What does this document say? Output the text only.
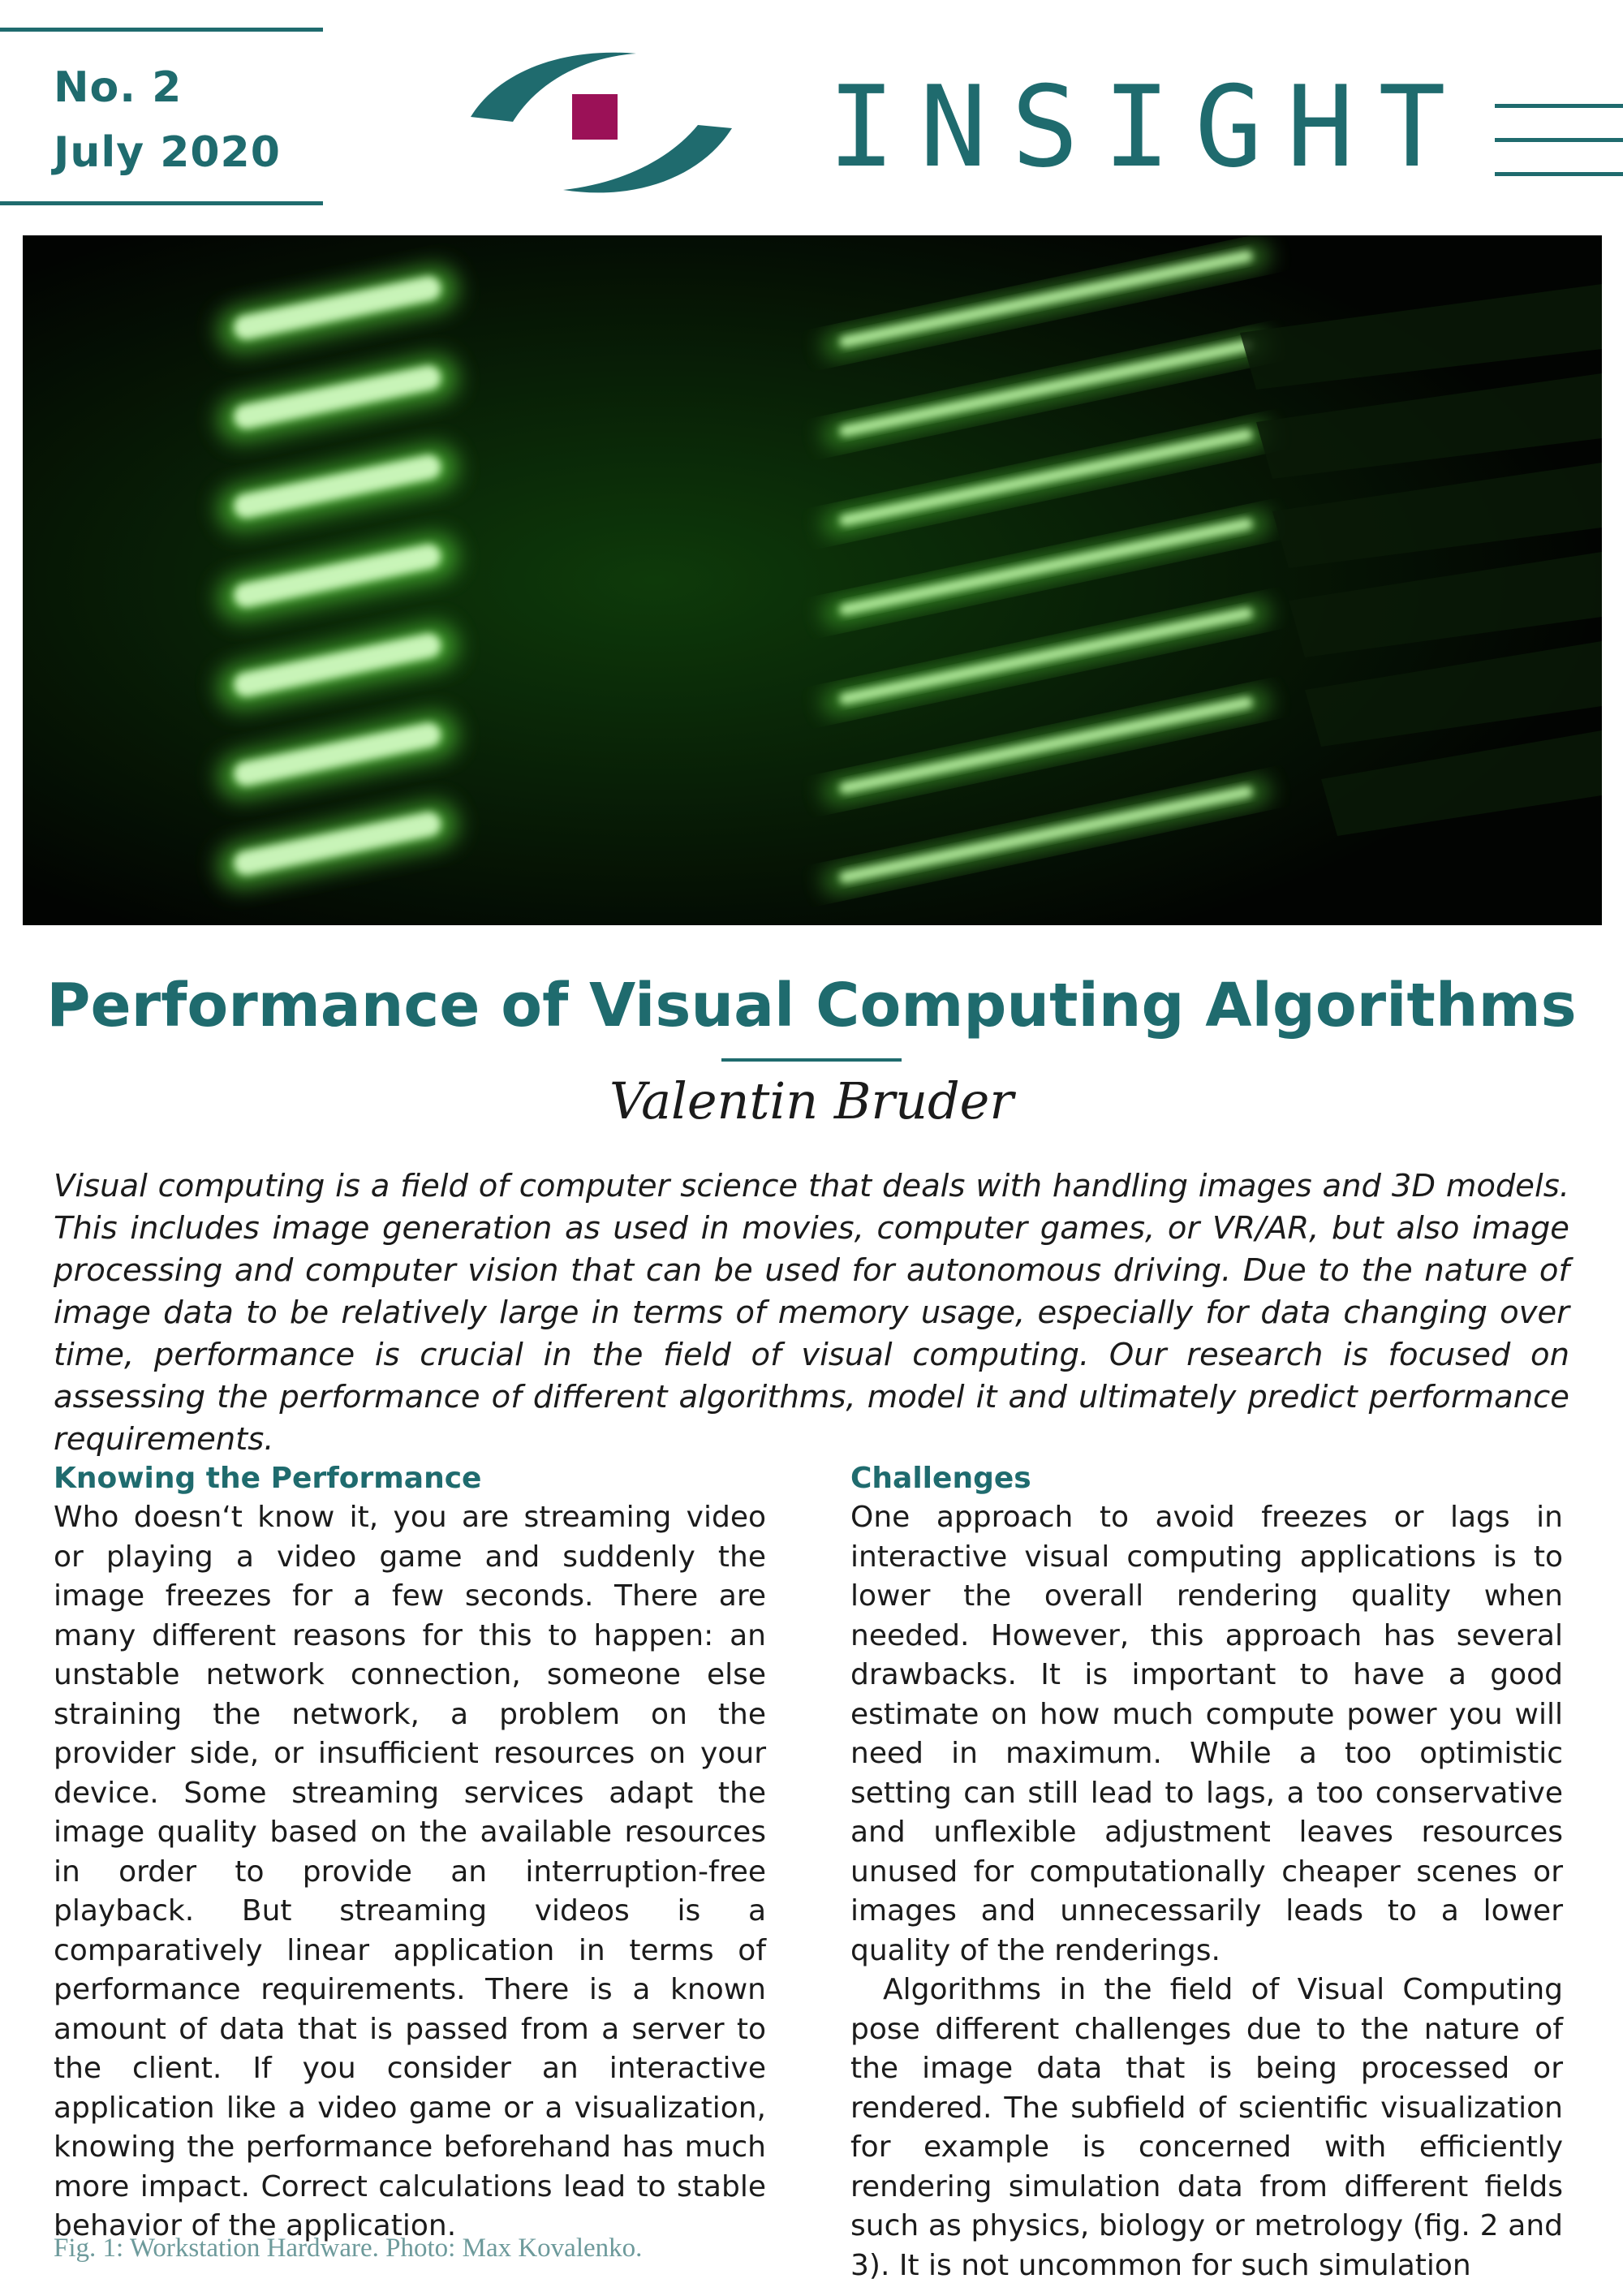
No. 2
July 2020	INSIGHT
Performance of Visual Computing Algorithms
Valentin Bruder
Visual computing is a field of computer science that deals with handling images and 3D models. This includes image generation as used in movies, computer games, or VR/AR, but also image processing and computer vision that can be used for autonomous driving. Due to the nature of image data to be relatively large in terms of memory usage, especially for data changing over time, performance is crucial in the field of visual computing. Our research is focused on assessing the performance of different algorithms, model it and ultimately predict performance requirements.
Knowing the Performance

Who doesn‘t know it, you are streaming video or playing a video game and suddenly the image freezes for a few seconds. There are many different reasons for this to happen: an unstable network connection, someone else straining the network, a problem on the provider side, or insufficient resources on your device. Some streaming services adapt the image quality based on the available resources in order to provide an interruption-free playback. But streaming videos is a comparatively linear application in terms of performance requirements. There is a known amount of data that is passed from a server to the client. If you consider an interactive application like a video game or a visualization, knowing the performance beforehand has much more impact. Correct calculations lead to stable behavior of the application.

Challenges

One approach to avoid freezes or lags in interactive visual computing applications is to lower the overall rendering quality when needed. However, this approach has several drawbacks. It is important to have a good estimate on how much compute power you will need in maximum. While a too optimistic setting can still lead to lags, a too conservative and unflexible adjustment leaves resources unused for computationally cheaper scenes or images and unnecessarily leads to a lower quality of the renderings.

Algorithms in the field of Visual Computing pose different challenges due to the nature of the image data that is being processed or rendered. The subfield of scientific visualization for example is concerned with efficiently rendering simulation data from different fields such as physics, biology or metrology (fig. 2 and 3). It is not uncommon for such simulation

Fig. 1: Workstation Hardware. Photo: Max Kovalenko.
